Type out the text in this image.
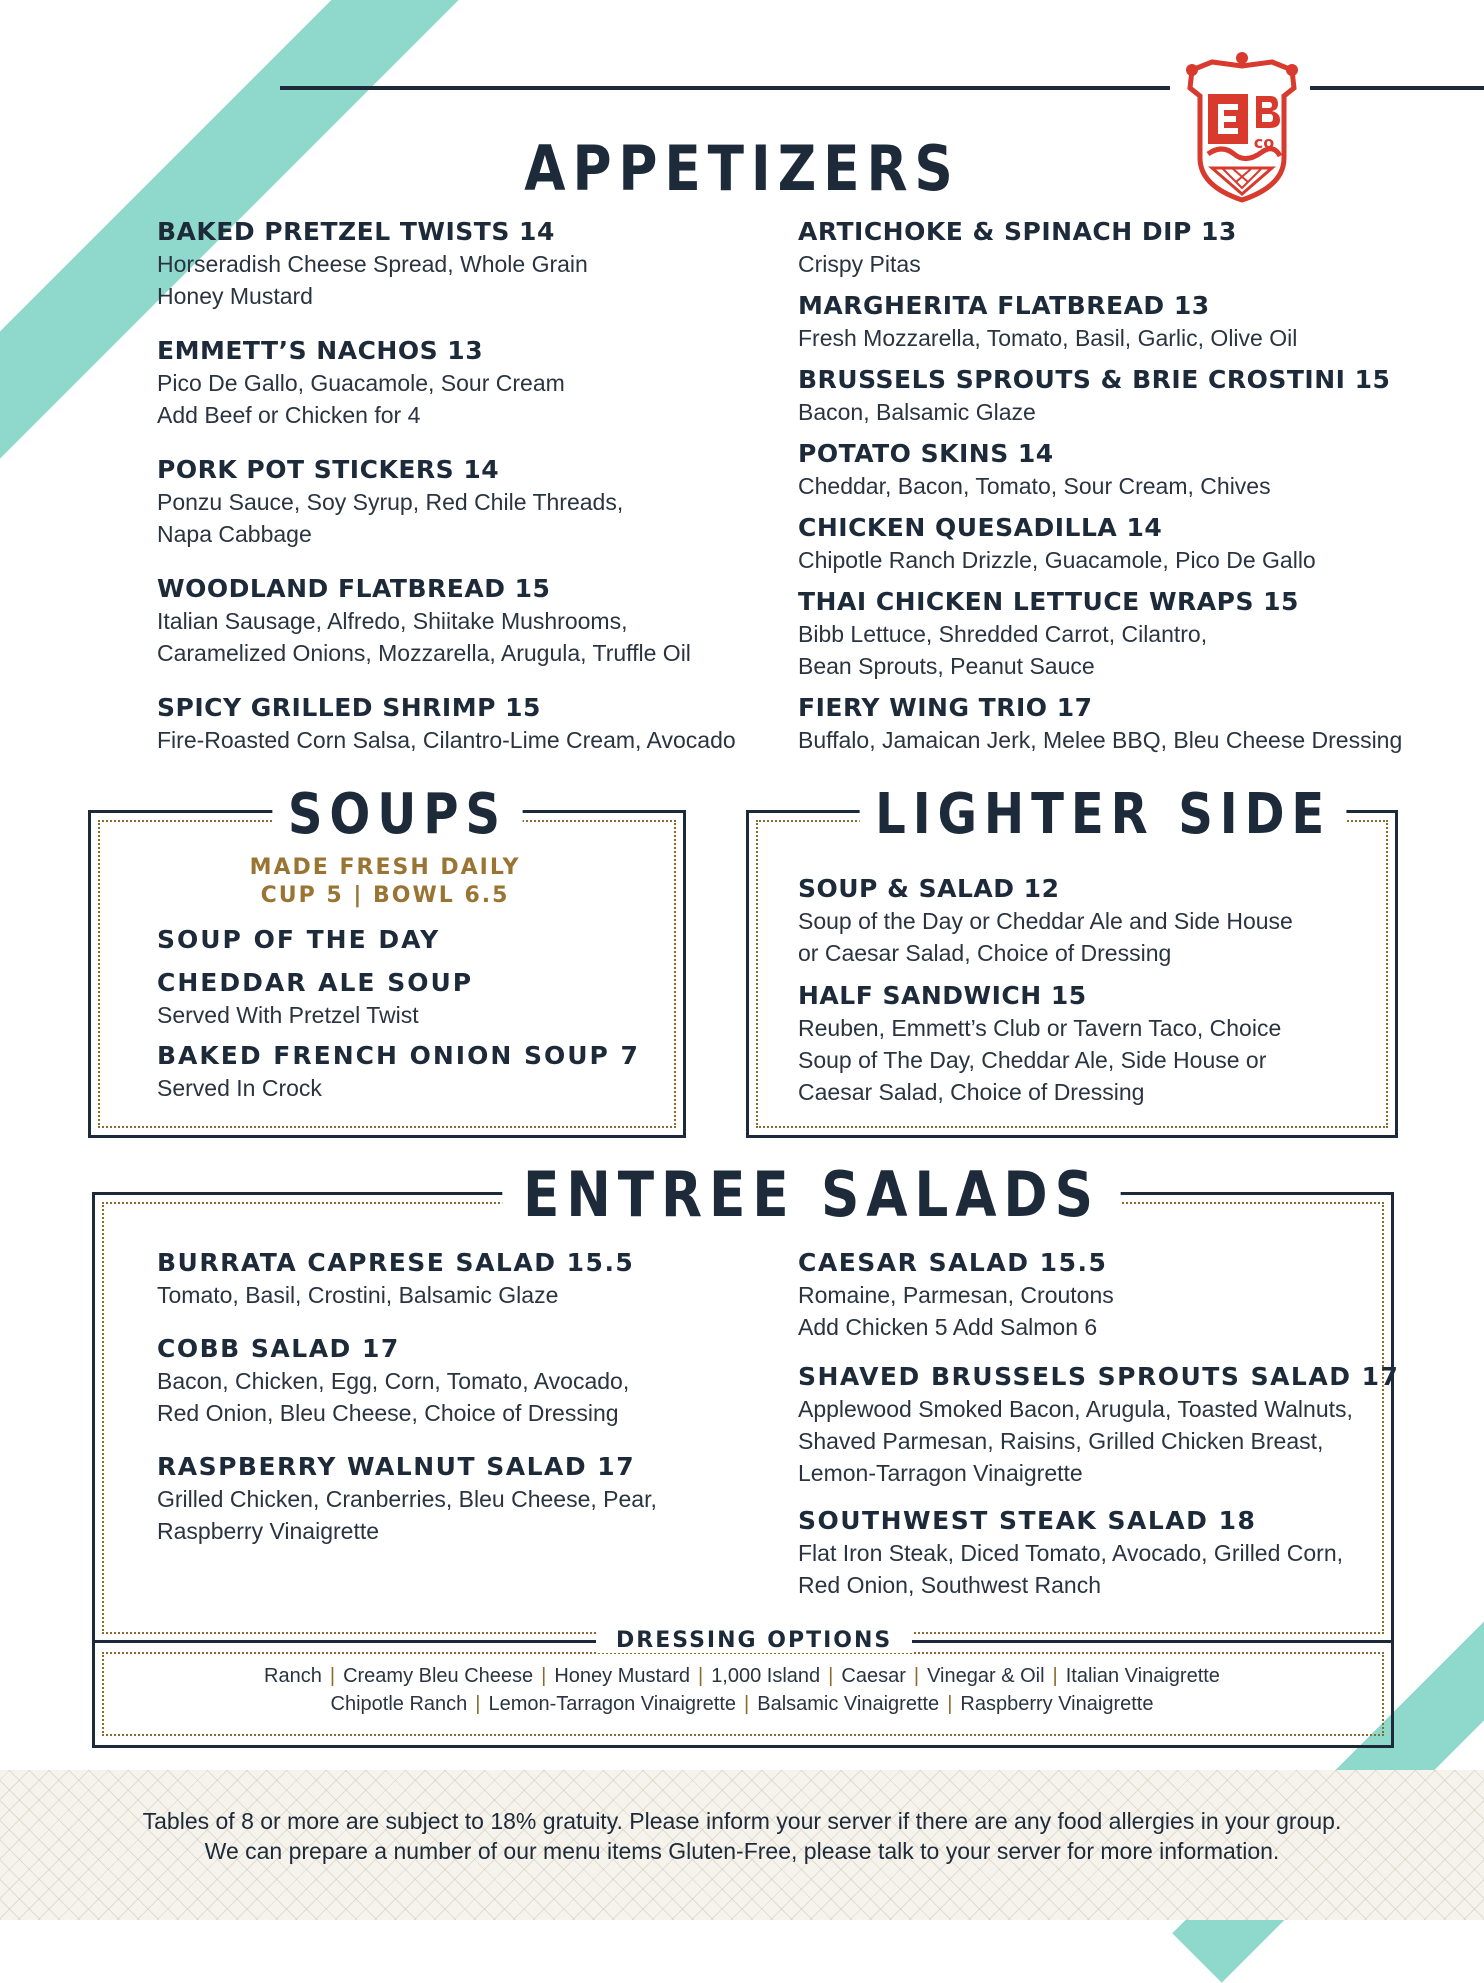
co
APPETIZERS
BAKED PRETZEL TWISTS 14
Horseradish Cheese Spread, Whole Grain
Honey Mustard
EMMETT’S NACHOS 13
Pico De Gallo, Guacamole, Sour Cream
Add Beef or Chicken for 4
PORK POT STICKERS 14
Ponzu Sauce, Soy Syrup, Red Chile Threads,
Napa Cabbage
WOODLAND FLATBREAD 15
Italian Sausage, Alfredo, Shiitake Mushrooms,
Caramelized Onions, Mozzarella, Arugula, Truffle Oil
SPICY GRILLED SHRIMP 15
Fire-Roasted Corn Salsa, Cilantro-Lime Cream, Avocado
ARTICHOKE & SPINACH DIP 13
Crispy Pitas
MARGHERITA FLATBREAD 13
Fresh Mozzarella, Tomato, Basil, Garlic, Olive Oil
BRUSSELS SPROUTS & BRIE CROSTINI 15
Bacon, Balsamic Glaze
POTATO SKINS 14
Cheddar, Bacon, Tomato, Sour Cream, Chives
CHICKEN QUESADILLA 14
Chipotle Ranch Drizzle, Guacamole, Pico De Gallo
THAI CHICKEN LETTUCE WRAPS 15
Bibb Lettuce, Shredded Carrot, Cilantro,
Bean Sprouts, Peanut Sauce
FIERY WING TRIO 17
Buffalo, Jamaican Jerk, Melee BBQ, Bleu Cheese Dressing
SOUPS
MADE FRESH DAILY
CUP 5 | BOWL 6.5
SOUP OF THE DAY
CHEDDAR ALE SOUP
Served With Pretzel Twist
BAKED FRENCH ONION SOUP 7
Served In Crock
LIGHTER SIDE
SOUP & SALAD 12
Soup of the Day or Cheddar Ale and Side House
or Caesar Salad, Choice of Dressing
HALF SANDWICH 15
Reuben, Emmett’s Club or Tavern Taco, Choice
Soup of The Day, Cheddar Ale, Side House or
Caesar Salad, Choice of Dressing
ENTREE SALADS
BURRATA CAPRESE SALAD 15.5
Tomato, Basil, Crostini, Balsamic Glaze
COBB SALAD 17
Bacon, Chicken, Egg, Corn, Tomato, Avocado,
Red Onion, Bleu Cheese, Choice of Dressing
RASPBERRY WALNUT SALAD 17
Grilled Chicken, Cranberries, Bleu Cheese, Pear,
Raspberry Vinaigrette
CAESAR SALAD 15.5
Romaine, Parmesan, Croutons
Add Chicken 5 Add Salmon 6
SHAVED BRUSSELS SPROUTS SALAD 17
Applewood Smoked Bacon, Arugula, Toasted Walnuts,
Shaved Parmesan, Raisins, Grilled Chicken Breast,
Lemon-Tarragon Vinaigrette
SOUTHWEST STEAK SALAD 18
Flat Iron Steak, Diced Tomato, Avocado, Grilled Corn,
Red Onion, Southwest Ranch
DRESSING OPTIONS
Ranch | Creamy Bleu Cheese | Honey Mustard | 1,000 Island | Caesar | Vinegar & Oil | Italian Vinaigrette
Chipotle Ranch | Lemon-Tarragon Vinaigrette | Balsamic Vinaigrette | Raspberry Vinaigrette
Tables of 8 or more are subject to 18% gratuity. Please inform your server if there are any food allergies in your group.
We can prepare a number of our menu items Gluten-Free, please talk to your server for more information.
